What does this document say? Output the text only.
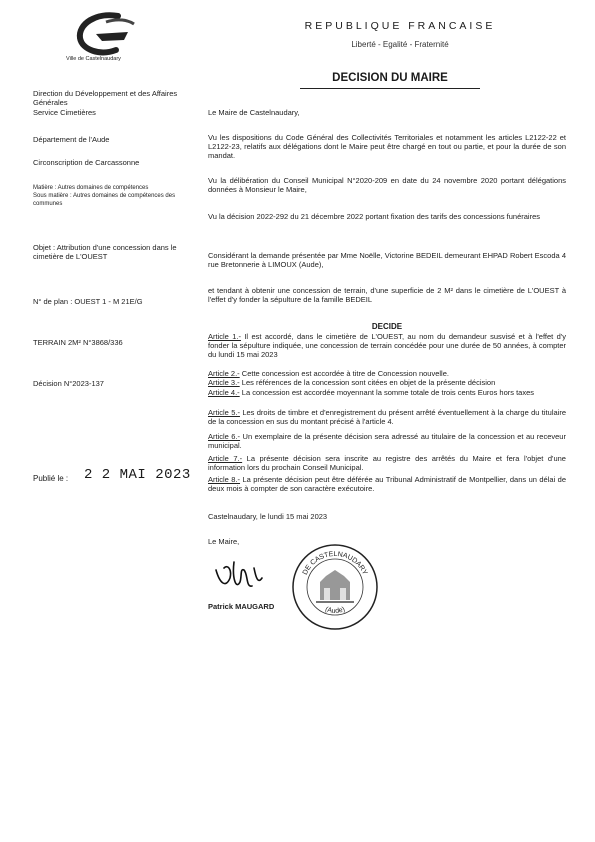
Ville de Castelnaudary
REPUBLIQUE FRANCAISE
Liberté - Egalité - Fraternité
DECISION DU MAIRE
Direction du Développement et des Affaires Générales
Service Cimetières
Département de l'Aude
Circonscription de Carcassonne
Matière : Autres domaines de compétences
Sous matière : Autres domaines de compétences des communes
Objet : Attribution d'une concession dans le cimetière de L'OUEST
N° de plan : OUEST 1 - M 21E/G
TERRAIN 2M² N°3868/336
Décision N°2023-137
Publié le : 2 2 MAI 2023
Le Maire de Castelnaudary,
Vu les dispositions du Code Général des Collectivités Territoriales et notamment les articles L2122-22 et L2122-23, relatifs aux délégations dont le Maire peut être chargé en tout ou partie, et pour la durée de son mandat.
Vu la délibération du Conseil Municipal N°2020-209 en date du 24 novembre 2020 portant délégations données à Monsieur le Maire,
Vu la décision 2022-292 du 21 décembre 2022 portant fixation des tarifs des concessions funéraires
Considérant la demande présentée par Mme Noëlle, Victorine BEDEIL demeurant EHPAD Robert Escoda 4 rue Bretonnerie à LIMOUX (Aude),
et tendant à obtenir une concession de terrain, d'une superficie de 2 M² dans le cimetière de L'OUEST à l'effet d'y fonder la sépulture de la famille BEDEIL
DECIDE
Article 1.- Il est accordé, dans le cimetière de L'OUEST, au nom du demandeur susvisé et à l'effet d'y fonder la sépulture indiquée, une concession de terrain concédée pour une durée de 50 années, à compter du lundi 15 mai 2023
Article 2.- Cette concession est accordée à titre de Concession nouvelle.
Article 3.- Les références de la concession sont citées en objet de la présente décision
Article 4.- La concession est accordée moyennant la somme totale de trois cents Euros hors taxes
Article 5.- Les droits de timbre et d'enregistrement du présent arrêté éventuellement à la charge du titulaire de la concession en sus du montant précisé à l'article 4.
Article 6.- Un exemplaire de la présente décision sera adressé au titulaire de la concession et au receveur municipal.
Article 7.- La présente décision sera inscrite au registre des arrêtés du Maire et fera l'objet d'une information lors du prochain Conseil Municipal.
Article 8.- La présente décision peut être déférée au Tribunal Administratif de Montpellier, dans un délai de deux mois à compter de son caractère exécutoire.
Castelnaudary, le lundi 15 mai 2023
Le Maire,
Patrick MAUGARD
DE CASTELNAUDARY
(Aude)
